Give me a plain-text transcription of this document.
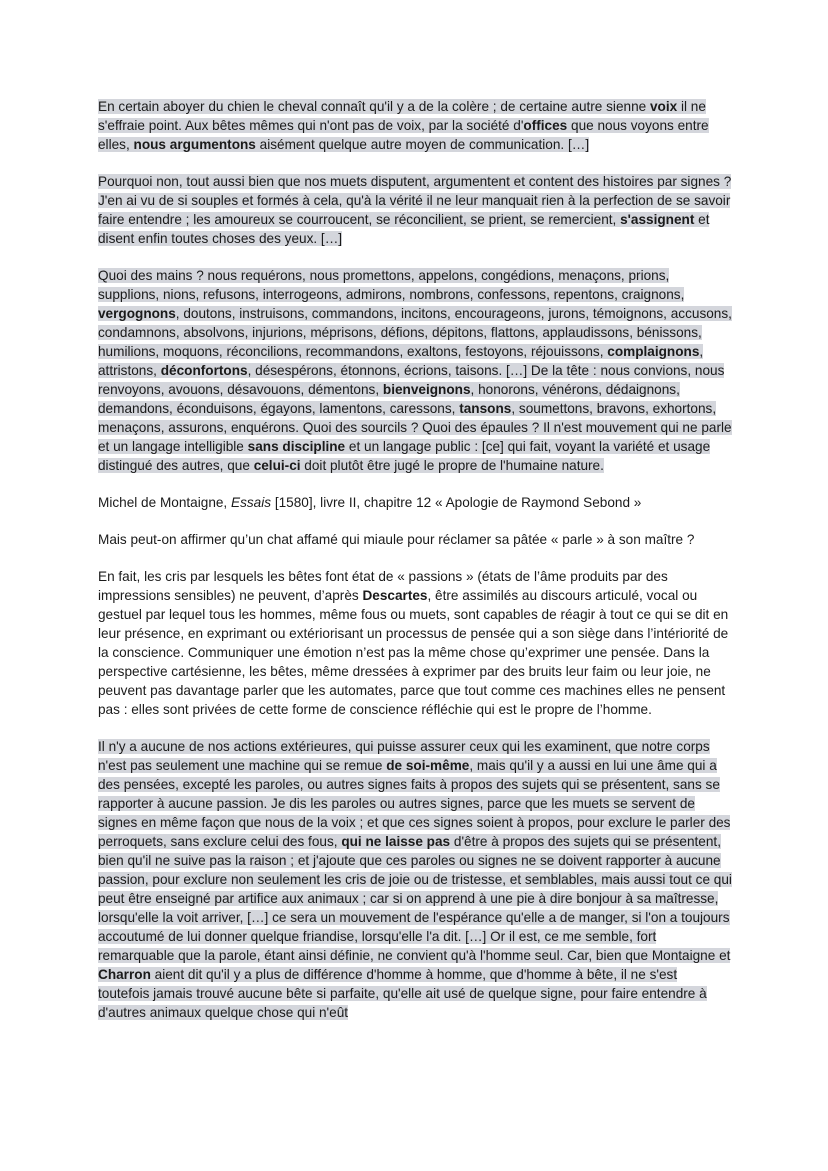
En certain aboyer du chien le cheval connaît qu'il y a de la colère ; de certaine autre sienne voix il ne s'effraie point. Aux bêtes mêmes qui n'ont pas de voix, par la société d'offices que nous voyons entre elles, nous argumentons aisément quelque autre moyen de communication. […]
Pourquoi non, tout aussi bien que nos muets disputent, argumentent et content des histoires par signes ? J'en ai vu de si souples et formés à cela, qu'à la vérité il ne leur manquait rien à la perfection de se savoir faire entendre ; les amoureux se courroucent, se réconcilient, se prient, se remercient, s'assignent et disent enfin toutes choses des yeux. […]
Quoi des mains ? nous requérons, nous promettons, appelons, congédions, menaçons, prions, supplions, nions, refusons, interrogeons, admirons, nombrons, confessons, repentons, craignons, vergognons, doutons, instruisons, commandons, incitons, encourageons, jurons, témoignons, accusons, condamnons, absolvons, injurions, méprisons, défions, dépitons, flattons, applaudissons, bénissons, humilions, moquons, réconcilions, recommandons, exaltons, festoyons, réjouissons, complaignons, attristons, déconfortons, désespérons, étonnons, écrions, taisons. […] De la tête : nous convions, nous renvoyons, avouons, désavouons, démentons, bienveignons, honorons, vénérons, dédaignons, demandons, éconduisons, égayons, lamentons, caressons, tansons, soumettons, bravons, exhortons, menaçons, assurons, enquérons. Quoi des sourcils ? Quoi des épaules ? Il n'est mouvement qui ne parle et un langage intelligible sans discipline et un langage public : [ce] qui fait, voyant la variété et usage distingué des autres, que celui-ci doit plutôt être jugé le propre de l'humaine nature.
Michel de Montaigne, Essais [1580], livre II, chapitre 12 « Apologie de Raymond Sebond »
Mais peut-on affirmer qu’un chat affamé qui miaule pour réclamer sa pâtée « parle » à son maître ?
En fait, les cris par lesquels les bêtes font état de « passions » (états de l’âme produits par des impressions sensibles) ne peuvent, d’après Descartes, être assimilés au discours articulé, vocal ou gestuel par lequel tous les hommes, même fous ou muets, sont capables de réagir à tout ce qui se dit en leur présence, en exprimant ou extériorisant un processus de pensée qui a son siège dans l’intériorité de la conscience. Communiquer une émotion n’est pas la même chose qu’exprimer une pensée. Dans la perspective cartésienne, les bêtes, même dressées à exprimer par des bruits leur faim ou leur joie, ne peuvent pas davantage parler que les automates, parce que tout comme ces machines elles ne pensent pas : elles sont privées de cette forme de conscience réfléchie qui est le propre de l’homme.
Il n'y a aucune de nos actions extérieures, qui puisse assurer ceux qui les examinent, que notre corps n'est pas seulement une machine qui se remue de soi-même, mais qu'il y a aussi en lui une âme qui a des pensées, excepté les paroles, ou autres signes faits à propos des sujets qui se présentent, sans se rapporter à aucune passion. Je dis les paroles ou autres signes, parce que les muets se servent de signes en même façon que nous de la voix ; et que ces signes soient à propos, pour exclure le parler des perroquets, sans exclure celui des fous, qui ne laisse pas d'être à propos des sujets qui se présentent, bien qu'il ne suive pas la raison ; et j'ajoute que ces paroles ou signes ne se doivent rapporter à aucune passion, pour exclure non seulement les cris de joie ou de tristesse, et semblables, mais aussi tout ce qui peut être enseigné par artifice aux animaux ; car si on apprend à une pie à dire bonjour à sa maîtresse, lorsqu'elle la voit arriver, […] ce sera un mouvement de l'espérance qu'elle a de manger, si l'on a toujours accoutumé de lui donner quelque friandise, lorsqu'elle l'a dit. […] Or il est, ce me semble, fort remarquable que la parole, étant ainsi définie, ne convient qu'à l'homme seul. Car, bien que Montaigne et Charron aient dit qu'il y a plus de différence d'homme à homme, que d'homme à bête, il ne s'est toutefois jamais trouvé aucune bête si parfaite, qu'elle ait usé de quelque signe, pour faire entendre à d'autres animaux quelque chose qui n'eût
